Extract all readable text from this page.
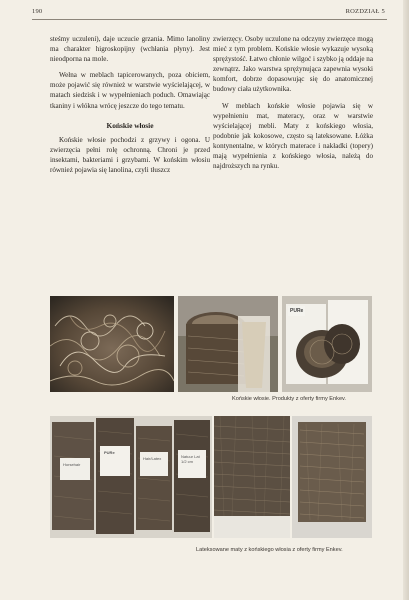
190	ROZDZIAŁ 5

steśmy uczuleni), daje uczucie grzania. Mimo lanoliny ma charakter higroskopijny (wchłania płyny). Jest nieodporna na mole.

Wełna w meblach tapicerowanych, poza obiciem, może pojawić się również w warstwie wyścielającej, w matach siedzisk i w wypełnieniach poduch. Omawiając tkaniny i włókna wrócę jeszcze do tego tematu.

Końskie włosie

Końskie włosie pochodzi z grzywy i ogona. U zwierzęcia pełni rolę ochronną. Chroni je przed insektami, bakteriami i grzybami. W końskim włosiu również pojawia się lanolina, czyli tłuszcz

zwierzęcy. Osoby uczulone na odczyny zwierzęce mogą mieć z tym problem. Końskie włosie wykazuje wysoką sprężystość. Łatwo chłonie wilgoć i szybko ją oddaje na zewnątrz. Jako warstwa sprężynująca zapewnia wysoki komfort, dobrze dopasowując się do anatomicznej budowy ciała użytkownika.

W meblach końskie włosie pojawia się w wypełnieniu mat, materacy, oraz w warstwie wyścielającej mebli. Maty z końskiego włosia, podobnie jak kokosowe, często są lateksowane. Łóżka kontynentalne, w których materace i nakładki (topery) mają wypełnienia z końskiego włosia, należą do najdroższych na rynku.

PURe
Końskie włosie. Produkty z oferty firmy Enkev.
Horsehair
PURe
Hair/Latex	Natuur Lat 1/2 cm
Lateksowane maty z końskiego włosia z oferty firmy Enkev.
